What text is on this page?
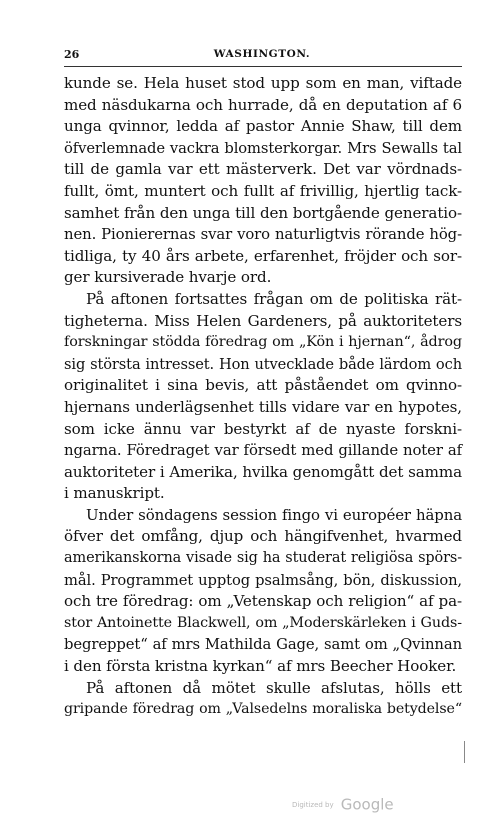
26	WASHINGTON.
kunde se. Hela huset stod upp som en man, viftade
med näsdukarna och hurrade, då en deputation af 6
unga qvinnor, ledda af pastor Annie Shaw, till dem
öfverlemnade vackra blomsterkorgar. Mrs Sewalls tal
till de gamla var ett mästerverk. Det var vördnads-
fullt, ömt, muntert och fullt af frivillig, hjertlig tack-
samhet från den unga till den bortgående generatio-
nen. Pionierernas svar voro naturligtvis rörande hög-
tidliga, ty 40 års arbete, erfarenhet, fröjder och sor-
ger kursiverade hvarje ord.
På aftonen fortsattes frågan om de politiska rät-
tigheterna. Miss Helen Gardeners, på auktoriteters
forskningar stödda föredrag om „Kön i hjernan“, ådrog
sig största intresset. Hon utvecklade både lärdom och
originalitet i sina bevis, att påståendet om qvinno-
hjernans underlägsenhet tills vidare var en hypotes,
som icke ännu var bestyrkt af de nyaste forskni-
ngarna. Föredraget var försedt med gillande noter af
auktoriteter i Amerika, hvilka genomgått det samma
i manuskript.
Under söndagens session fingo vi européer häpna
öfver det omfång, djup och hängifvenhet, hvarmed
amerikanskorna visade sig ha studerat religiösa spörs-
mål. Programmet upptog psalmsång, bön, diskussion,
och tre föredrag: om „Vetenskap och religion“ af pa-
stor Antoinette Blackwell, om „Moderskärleken i Guds-
begreppet“ af mrs Mathilda Gage, samt om „Qvinnan
i den första kristna kyrkan“ af mrs Beecher Hooker.
På aftonen då mötet skulle afslutas, hölls ett
gripande föredrag om „Valsedelns moraliska betydelse“
Digitized by Google
